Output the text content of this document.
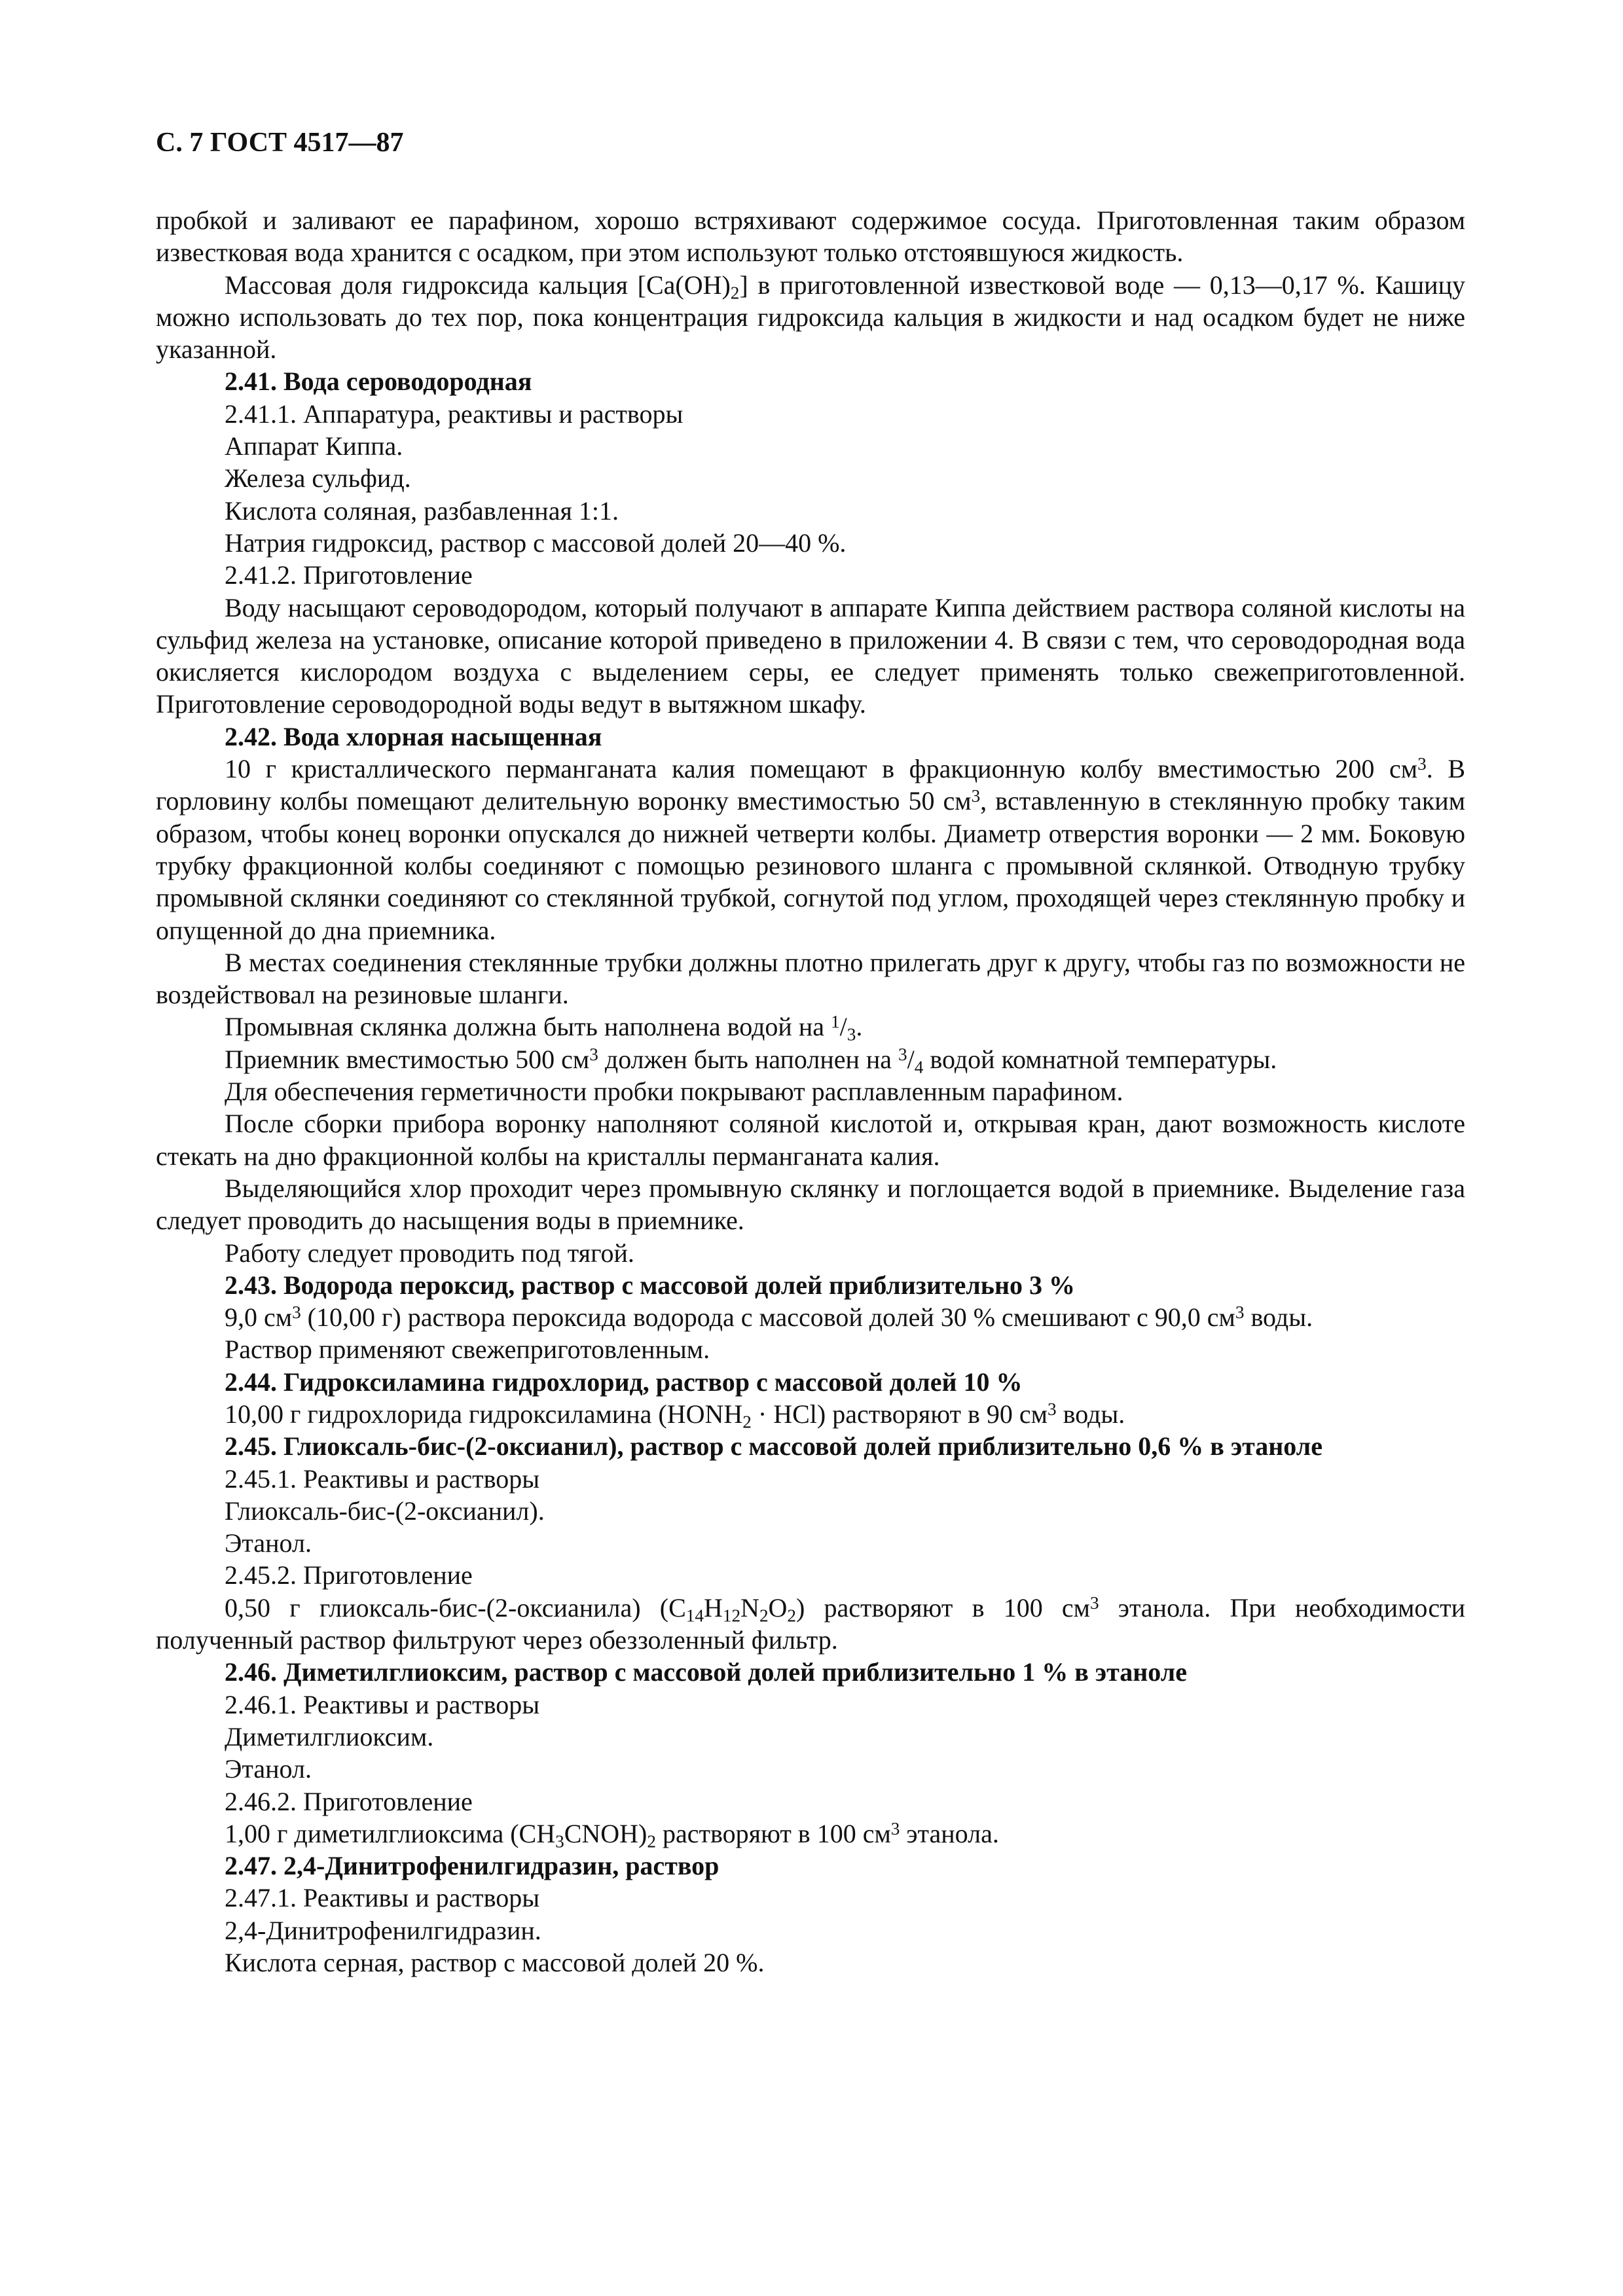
С. 7 ГОСТ 4517—87

пробкой и заливают ее парафином, хорошо встряхивают содержимое сосуда. Приготовленная таким образом известковая вода хранится с осадком, при этом используют только отстоявшуюся жидкость.

Массовая доля гидроксида кальция $[Ca(OH)_2]$ в приготовленной известковой воде — 0,13—0,17 %. Кашицу можно использовать до тех пор, пока концентрация гидроксида кальция в жидкости и над осадком будет не ниже указанной.

2.41. Вода сероводородная

2.41.1. Аппаратура, реактивы и растворы

Аппарат Киппа.

Железа сульфид.

Кислота соляная, разбавленная 1:1.

Натрия гидроксид, раствор с массовой долей 20—40 %.

2.41.2. Приготовление

Воду насыщают сероводородом, который получают в аппарате Киппа действием раствора соляной кислоты на сульфид железа на установке, описание которой приведено в приложении 4. В связи с тем, что сероводородная вода окисляется кислородом воздуха с выделением серы, ее следует применять только свежеприготовленной. Приготовление сероводородной воды ведут в вытяжном шкафу.

2.42. Вода хлорная насыщенная

10 г кристаллического перманганата калия помещают в фракционную колбу вместимостью 200 $см^3$. В горловину колбы помещают делительную воронку вместимостью 50 $см^3$, вставленную в стеклянную пробку таким образом, чтобы конец воронки опускался до нижней четверти колбы. Диаметр отверстия воронки — 2 мм. Боковую трубку фракционной колбы соединяют с помощью резинового шланга с промывной склянкой. Отводную трубку промывной склянки соединяют со стеклянной трубкой, согнутой под углом, проходящей через стеклянную пробку и опущенной до дна приемника.

В местах соединения стеклянные трубки должны плотно прилегать друг к другу, чтобы газ по возможности не воздействовал на резиновые шланги.

Промывная склянка должна быть наполнена водой на $^1/_3$.

Приемник вместимостью 500 $см^3$ должен быть наполнен на $^3/_4$ водой комнатной температуры.

Для обеспечения герметичности пробки покрывают расплавленным парафином.

После сборки прибора воронку наполняют соляной кислотой и, открывая кран, дают возможность кислоте стекать на дно фракционной колбы на кристаллы перманганата калия.

Выделяющийся хлор проходит через промывную склянку и поглощается водой в приемнике. Выделение газа следует проводить до насыщения воды в приемнике.

Работу следует проводить под тягой.

2.43. Водорода пероксид, раствор с массовой долей приблизительно 3 %

9,0 $см^3$ (10,00 г) раствора пероксида водорода с массовой долей 30 % смешивают с 90,0 $см^3$ воды.

Раствор применяют свежеприготовленным.

2.44. Гидроксиламина гидрохлорид, раствор с массовой долей 10 %

10,00 г гидрохлорида гидроксиламина $(HONH_2 \cdot HCl)$ растворяют в 90 $см^3$ воды.

2.45. Глиоксаль-бис-(2-оксианил), раствор с массовой долей приблизительно 0,6 % в этаноле

2.45.1. Реактивы и растворы

Глиоксаль-бис-(2-оксианил).

Этанол.

2.45.2. Приготовление

0,50 г глиоксаль-бис-(2-оксианила) $(C_{14}H_{12}N_2O_2)$ растворяют в 100 $см^3$ этанола. При необходимости полученный раствор фильтруют через обеззоленный фильтр.

2.46. Диметилглиоксим, раствор с массовой долей приблизительно 1 % в этаноле

2.46.1. Реактивы и растворы

Диметилглиоксим.

Этанол.

2.46.2. Приготовление

1,00 г диметилглиоксима $(CH_3CNOH)_2$ растворяют в 100 $см^3$ этанола.

2.47. 2,4-Динитрофенилгидразин, раствор

2.47.1. Реактивы и растворы

2,4-Динитрофенилгидразин.

Кислота серная, раствор с массовой долей 20 %.
